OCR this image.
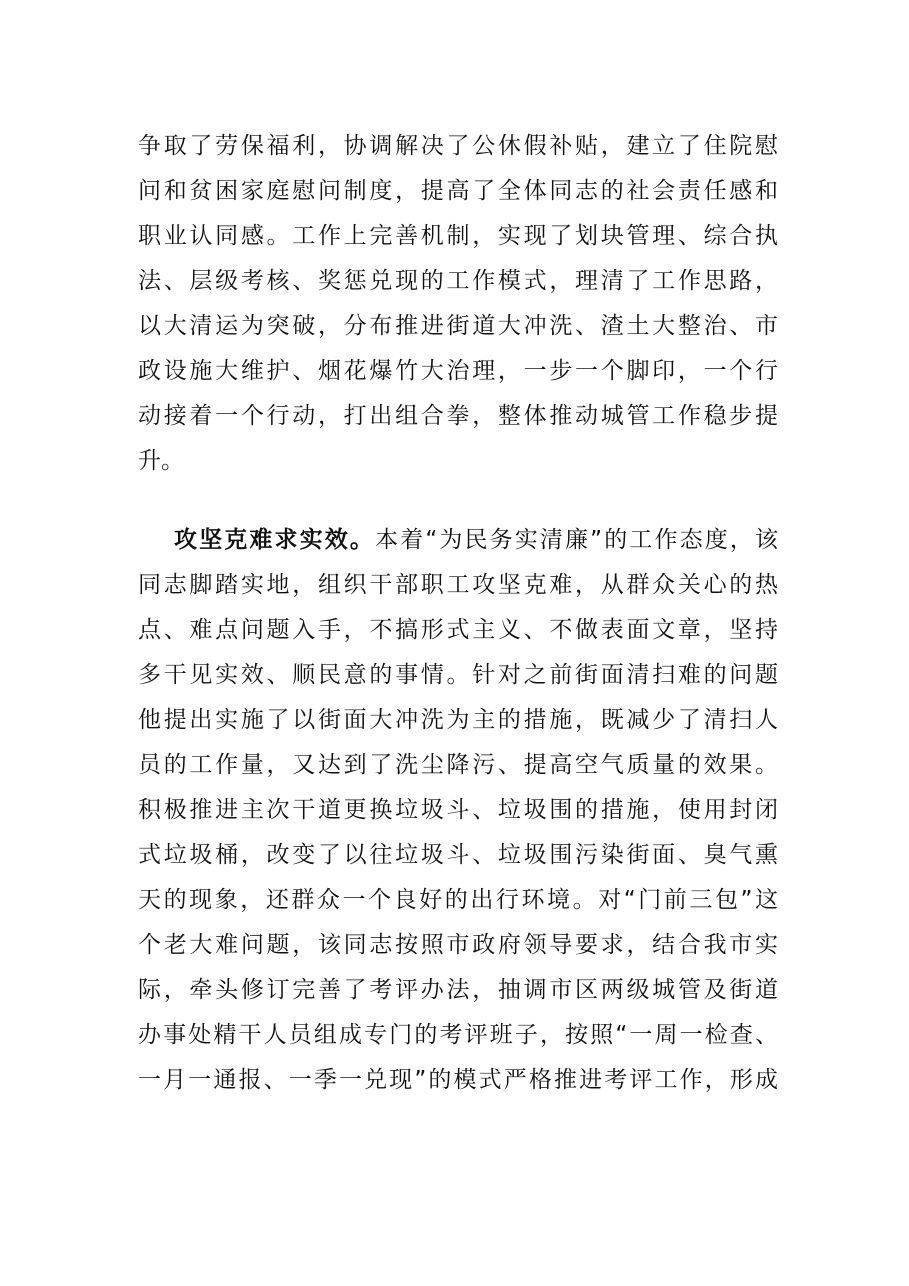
争取了劳保福利，协调解决了公休假补贴，建立了住院慰
问和贫困家庭慰问制度，提高了全体同志的社会责任感和
职业认同感。工作上完善机制，实现了划块管理、综合执
法、层级考核、奖惩兑现的工作模式，理清了工作思路，
以大清运为突破，分布推进街道大冲洗、渣土大整治、市
政设施大维护、烟花爆竹大治理，一步一个脚印，一个行
动接着一个行动，打出组合拳，整体推动城管工作稳步提
升。
攻坚克难求实效。本着“为民务实清廉”的工作态度，该
同志脚踏实地，组织干部职工攻坚克难，从群众关心的热
点、难点问题入手，不搞形式主义、不做表面文章，坚持
多干见实效、顺民意的事情。针对之前街面清扫难的问题
他提出实施了以街面大冲洗为主的措施，既减少了清扫人
员的工作量，又达到了洗尘降污、提高空气质量的效果。
积极推进主次干道更换垃圾斗、垃圾围的措施，使用封闭
式垃圾桶，改变了以往垃圾斗、垃圾围污染街面、臭气熏
天的现象，还群众一个良好的出行环境。对“门前三包”这
个老大难问题，该同志按照市政府领导要求，结合我市实
际，牵头修订完善了考评办法，抽调市区两级城管及街道
办事处精干人员组成专门的考评班子，按照“一周一检查、
一月一通报、一季一兑现”的模式严格推进考评工作，形成
